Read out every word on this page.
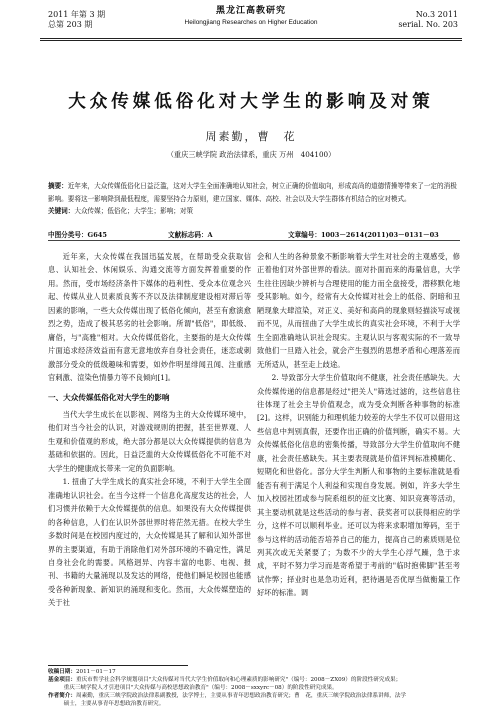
2011 年第 3 期
总第 203 期
黑龙江高教研究
Heilongjiang Researches on Higher Education
No.3 2011
serial. No. 203
大众传媒低俗化对大学生的影响及对策
周素勤，曹　花
（重庆三峡学院 政治法律系，重庆 万州　404100）
摘要：近年来，大众传媒低俗化日益泛滥，这对大学生全面准确地认知社会，树立正确的价值取向，形成高尚的道德情操等带来了一定的消极影响。要将这一影响降到最低程度，需要坚持合力原则，建立国家、媒体、高校、社会以及大学生群体有机结合的应对模式。
关键词：大众传媒；低俗化；大学生；影响；对策
中图分类号：G645	文献标志码：A	文章编号：1003－2614(2011)03－0131－03

近年来，大众传媒在我国迅猛发展，在帮助受众获取信息、认知社会、休闲娱乐、沟通交流等方面发挥着重要的作用。然而，受市场经济条件下媒体的趋利性、受众本位观念兴起、传媒从业人员素质良莠不齐以及法律制度建设相对滞后等因素的影响，一些大众传媒出现了低俗化倾向，甚至有愈演愈烈之势，造成了极其恶劣的社会影响。所谓"低俗"，即低级、庸俗，与"高雅"相对。大众传媒低俗化，主要指的是大众传媒片面追求经济效益而有意无意地放弃自身社会责任，迷恋或刺激部分受众的低级趣味和需要，如炒作明星绯闻丑闻、注重感官刺激、渲染色情暴力等不良倾向[1]。

一、大众传媒低俗化对大学生的影响

当代大学生成长在以影视、网络为主的大众传媒环境中，他们对当今社会的认识，对游戏规则的把握，甚至世界观、人生观和价值观的形成，绝大部分都是以大众传媒提供的信息为基础和依据的。因此，日益泛滥的大众传媒低俗化不可能不对大学生的健康成长带来一定的负面影响。

1. 扭曲了大学生成长的真实社会环境，不利于大学生全面准确地认识社会。在当今这样一个信息化高度发达的社会，人们习惯并依赖于大众传媒提供的信息。如果没有大众传媒提供的各种信息，人们在认识外部世界时将茫然无措。在校大学生多数时间是在校园内度过的，大众传媒是其了解和认知外部世界的主要渠道，有助于消除他们对外部环境的不确定性，满足自身社会化的需要。风格迥异、内容丰富的电影、电视、报刊、书籍的大量涌现以及发达的网络，使他们瞬足校园也能感受各种新现象、新知识的涌现和变化。然而，大众传媒塑造的关于社

会和人生的各种景象不断影响着大学生对社会的主观感受，修正着他们对外部世界的看法。面对扑面而来的海量信息，大学生往往因缺少辨析与合理使用的能力而全盘接受，潜移默化地受其影响。如今，经常有大众传媒对社会上的低俗、阴暗和丑陋现象大肆渲染，对正义、美好和高尚的现象则轻描淡写或视而不见，从而扭曲了大学生成长的真实社会环境，不利于大学生全面准确地认识社会现实。主观认识与客观实际的不一致导致他们一旦踏入社会，就会产生强烈的思想矛盾和心理落差而无所适从，甚至走上歧途。

2. 导致部分大学生价值取向不健康，社会责任感缺失。大众传媒传递的信息都是经过"把关人"筛选过滤的，这些信息往往体现了社会主导价值观念，成为受众判断各种事物的标准[2]。这样，识别能力和理机能力较差的大学生不仅可以借用这些信息中判别真假，还要作出正确的价值判断，确实不易。大众传媒低俗化信息的密集传播，导致部分大学生价值取向不健康，社会责任感缺失。其主要表现就是价值评判标准模糊化、短期化和世俗化。部分大学生判断人和事物的主要标准就是看能否有利于满足个人利益和实现自身发展。例如，许多大学生加入校园社团或参与院系组织的征文比赛、知识竞赛等活动，其主要动机就是这些活动的参与者、获奖者可以获得相应的学分，这样不可以顺利毕业。还可以为将来求职增加筹码，至于参与这样的活动能否培养自己的能力，提高自己的素质则是位列其次或无关紧要了；为数不少的大学生心浮气躁，急于求成，平时不努力学习而是寄希望于考前的"临时抱佛脚"甚至考试作弊；择业时也是急功近利，把待遇是否优厚当做衡量工作好坏的标准。调

收稿日期：2011－01－17
基金项目：重庆市哲学社会科学规划项目"大众传媒对当代大学生价值取向和心理素质的影响研究"（编号：2008－ZX09）的阶段性研究成果；
重庆三峡学院人才引进项目"大众传媒与高校思想政治教育"（编号：2008－sxxyrc－08）的阶段性研究成果。
作者简介：周素勤，重庆三峡学院政治法律系副教授，法学博士，主要从事青年思想政治教育研究；曹　花，重庆三峡学院政治法律系讲师，法学
硕士，主要从事青年思想政治教育研究。
